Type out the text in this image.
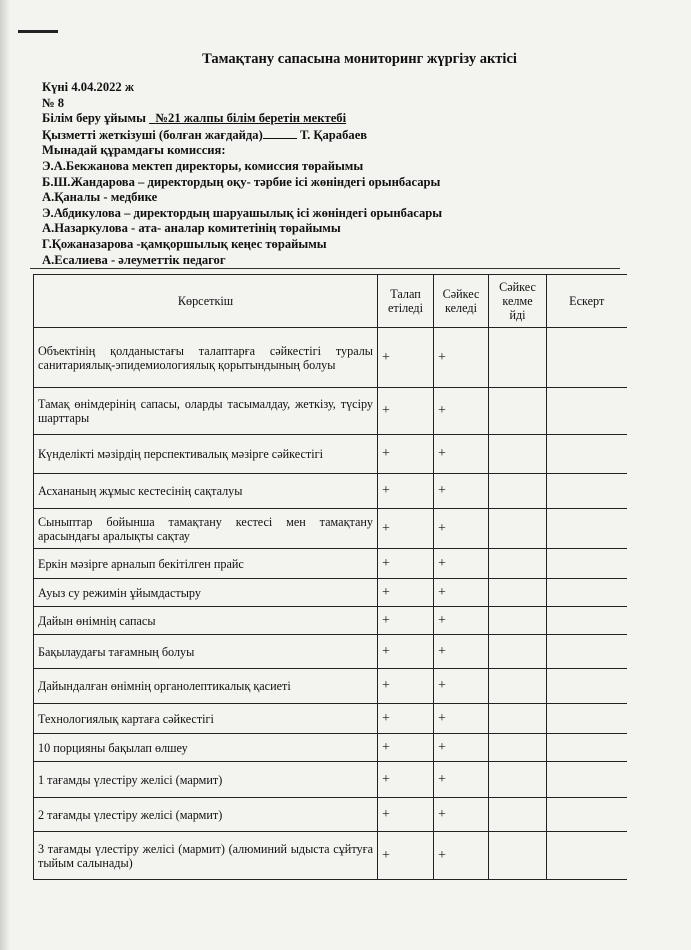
Тамақтану сапасына мониторинг жүргізу актісі
Күні 4.04.2022 ж
№ 8
Білім беру ұйымы №21 жалпы білім беретін мектебі
Қызметті жеткізуші (болған жағдайда)	Т. Қарабаев
Мынадай құрамдағы комиссия:
Э.А.Бекжанова мектеп директоры, комиссия төрайымы
Б.Ш.Жандарова – директордың оқу- тәрбие ісі жөніндегі орынбасары
А.Қаналы - медбике
Э.Абдикулова – директордың шаруашылық ісі жөніндегі орынбасары
А.Назаркулова - ата- аналар комитетінің төрайымы
Г.Қожаназарова -қамқоршылық кеңес төрайымы
А.Есалиева - әлеуметтік педагог
Көрсеткіш	Талап етіледі	Сәйкес келеді	Сәйкес келме йді	Ескерт
Объектінің қолданыстағы талаптарға сәйкестігі туралы санитариялық-эпидемиологиялық қорытындының болуы	+	+		
Тамақ өнімдерінің сапасы, оларды тасымалдау, жеткізу, түсіру шарттары	+	+		
Күнделікті мәзірдің перспективалық мәзірге сәйкестігі	+	+		
Асхананың жұмыс кестесінің сақталуы	+	+		
Сыныптар бойынша тамақтану кестесі мен тамақтану арасындағы аралықты сақтау	+	+		
Еркін мәзірге арналып бекітілген прайс	+	+		
Ауыз су режимін ұйымдастыру	+	+		
Дайын өнімнің сапасы	+	+		
Бақылаудағы тағамның болуы	+	+		
Дайындалған өнімнің органолептикалық қасиеті	+	+		
Технологиялық картаға сәйкестігі	+	+		
10 порцияны бақылап өлшеу	+	+		
1 тағамды үлестіру желісі (мармит)	+	+		
2 тағамды үлестіру желісі (мармит)	+	+		
3 тағамды үлестіру желісі (мармит) (алюминий ыдыста сұйтуға тыйым салынады)	+	+		
